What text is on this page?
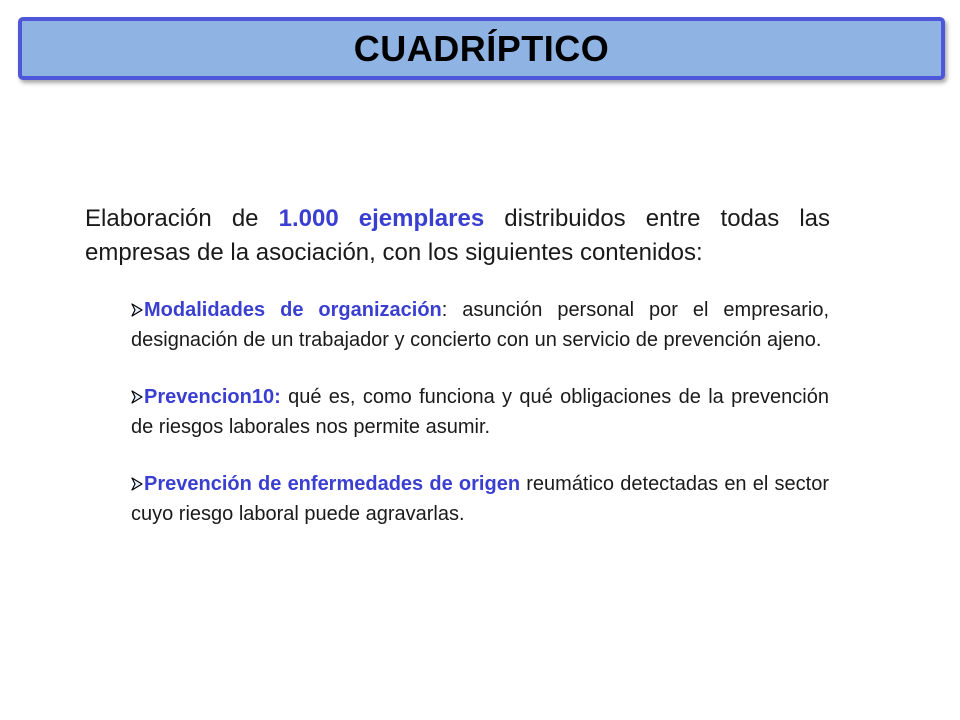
CUADRÍPTICO

Elaboración de 1.000 ejemplares distribuidos entre todas las empresas de la asociación, con los siguientes contenidos:

Modalidades de organización: asunción personal por el empresario, designación de un trabajador y concierto con un servicio de prevención ajeno.
Prevencion10: qué es, como funciona y qué obligaciones de la prevención de riesgos laborales nos permite asumir.
Prevención de enfermedades de origen reumático detectadas en el sector cuyo riesgo laboral puede agravarlas.
